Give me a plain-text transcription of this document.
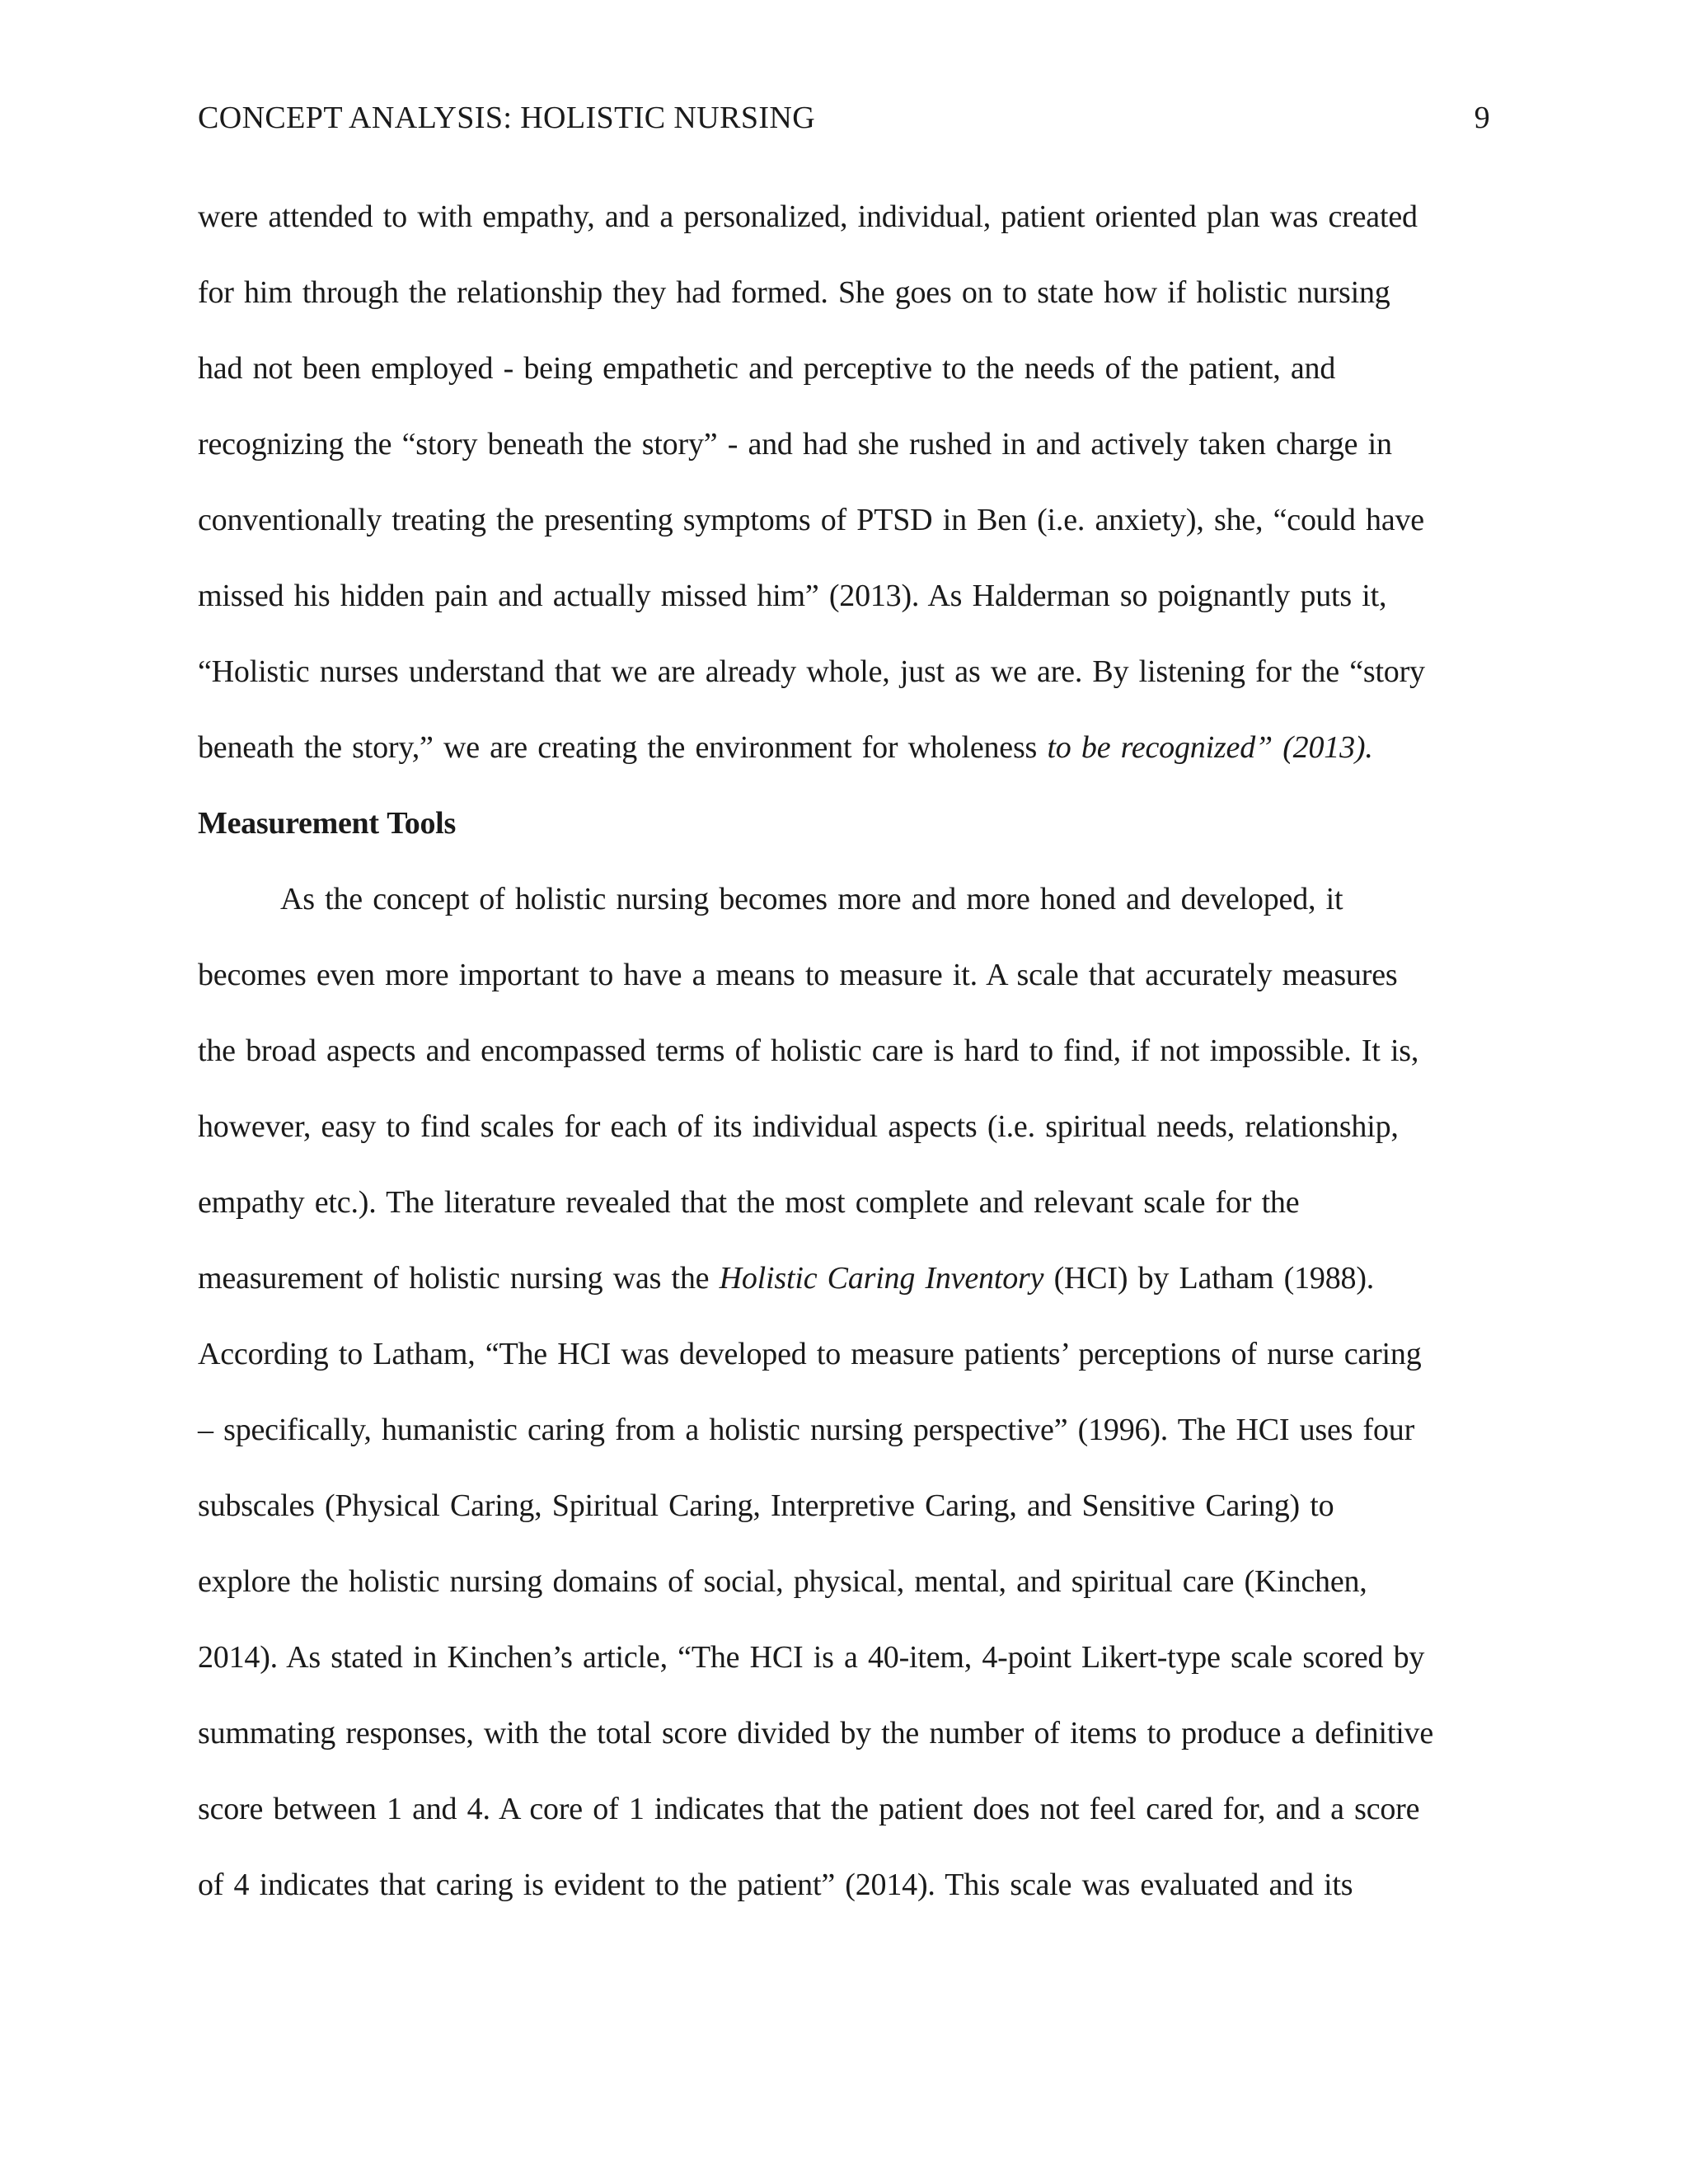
CONCEPT ANALYSIS: HOLISTIC NURSING	9
were attended to with empathy, and a personalized, individual, patient oriented plan was created
for him through the relationship they had formed. She goes on to state how if holistic nursing
had not been employed - being empathetic and perceptive to the needs of the patient, and
recognizing the “story beneath the story” - and had she rushed in and actively taken charge in
conventionally treating the presenting symptoms of PTSD in Ben (i.e. anxiety), she, “could have
missed his hidden pain and actually missed him” (2013). As Halderman so poignantly puts it,
“Holistic nurses understand that we are already whole, just as we are. By listening for the “story
beneath the story,” we are creating the environment for wholeness to be recognized” (2013).
Measurement Tools
As the concept of holistic nursing becomes more and more honed and developed, it
becomes even more important to have a means to measure it. A scale that accurately measures
the broad aspects and encompassed terms of holistic care is hard to find, if not impossible. It is,
however, easy to find scales for each of its individual aspects (i.e. spiritual needs, relationship,
empathy etc.). The literature revealed that the most complete and relevant scale for the
measurement of holistic nursing was the Holistic Caring Inventory (HCI) by Latham (1988).
According to Latham, “The HCI was developed to measure patients’ perceptions of nurse caring
– specifically, humanistic caring from a holistic nursing perspective” (1996). The HCI uses four
subscales (Physical Caring, Spiritual Caring, Interpretive Caring, and Sensitive Caring) to
explore the holistic nursing domains of social, physical, mental, and spiritual care (Kinchen,
2014). As stated in Kinchen’s article, “The HCI is a 40-item, 4-point Likert-type scale scored by
summating responses, with the total score divided by the number of items to produce a definitive
score between 1 and 4. A core of 1 indicates that the patient does not feel cared for, and a score
of 4 indicates that caring is evident to the patient” (2014). This scale was evaluated and its
